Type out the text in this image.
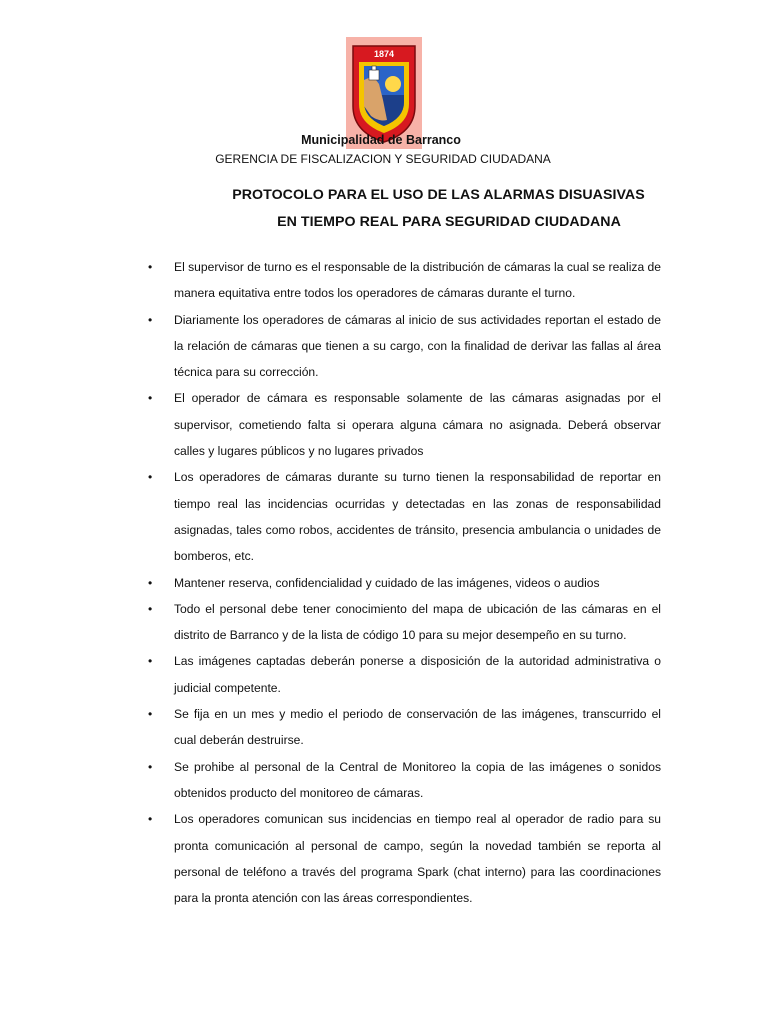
1874
Municipalidad de Barranco
GERENCIA DE FISCALIZACION Y SEGURIDAD CIUDADANA
PROTOCOLO PARA EL USO DE LAS ALARMAS DISUASIVAS
EN TIEMPO REAL PARA SEGURIDAD CIUDADANA
• El supervisor de turno es el responsable de la distribución de cámaras la cual se realiza de manera equitativa entre todos los operadores de cámaras durante el turno.
• Diariamente los operadores de cámaras al inicio de sus actividades reportan el estado de la relación de cámaras que tienen a su cargo, con la finalidad de derivar las fallas al área técnica para su corrección.
• El operador de cámara es responsable solamente de las cámaras asignadas por el supervisor, cometiendo falta si operara alguna cámara no asignada. Deberá observar calles y lugares públicos y no lugares privados
• Los operadores de cámaras durante su turno tienen la responsabilidad de reportar en tiempo real las incidencias ocurridas y detectadas en las zonas de responsabilidad asignadas, tales como robos, accidentes de tránsito, presencia ambulancia o unidades de bomberos, etc.
• Mantener reserva, confidencialidad y cuidado de las imágenes, videos o audios
• Todo el personal debe tener conocimiento del mapa de ubicación de las cámaras en el distrito de Barranco y de la lista de código 10 para su mejor desempeño en su turno.
• Las imágenes captadas deberán ponerse a disposición de la autoridad administrativa o judicial competente.
• Se fija en un mes y medio el periodo de conservación de las imágenes, transcurrido el cual deberán destruirse.
• Se prohibe al personal de la Central de Monitoreo la copia de las imágenes o sonidos obtenidos producto del monitoreo de cámaras.
• Los operadores comunican sus incidencias en tiempo real al operador de radio para su pronta comunicación al personal de campo, según la novedad también se reporta al personal de teléfono a través del programa Spark (chat interno) para las coordinaciones para la pronta atención con las áreas correspondientes.
